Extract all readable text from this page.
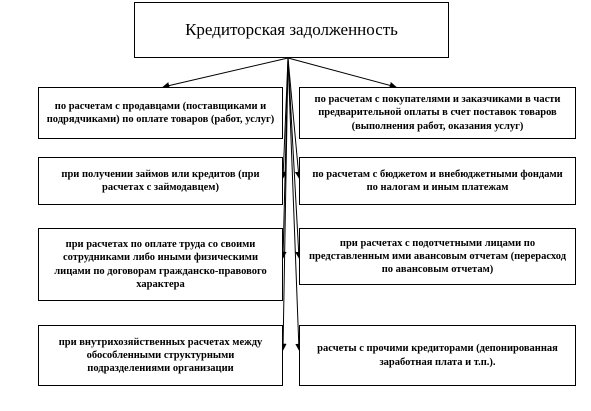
Кредиторская задолженность
по расчетам с продавцами (поставщиками и подрядчиками) по оплате товаров (работ, услуг)
по расчетам с покупателями и заказчиками в части предварительной оплаты в счет поставок товаров (выполнения работ, оказания услуг)
при получении займов или кредитов (при расчетах с займодавцем)
по расчетам с бюджетом и внебюджетными фондами по налогам и иным платежам
при расчетах по оплате труда со своими сотрудниками либо иными физическими лицами по договорам гражданско-правового характера
при расчетах с подотчетными лицами по представленным ими авансовым отчетам (перерасход по авансовым отчетам)
при внутрихозяйственных расчетах между обособленными структурными подразделениями организации
расчеты с прочими кредиторами (депонированная заработная плата и т.п.).
